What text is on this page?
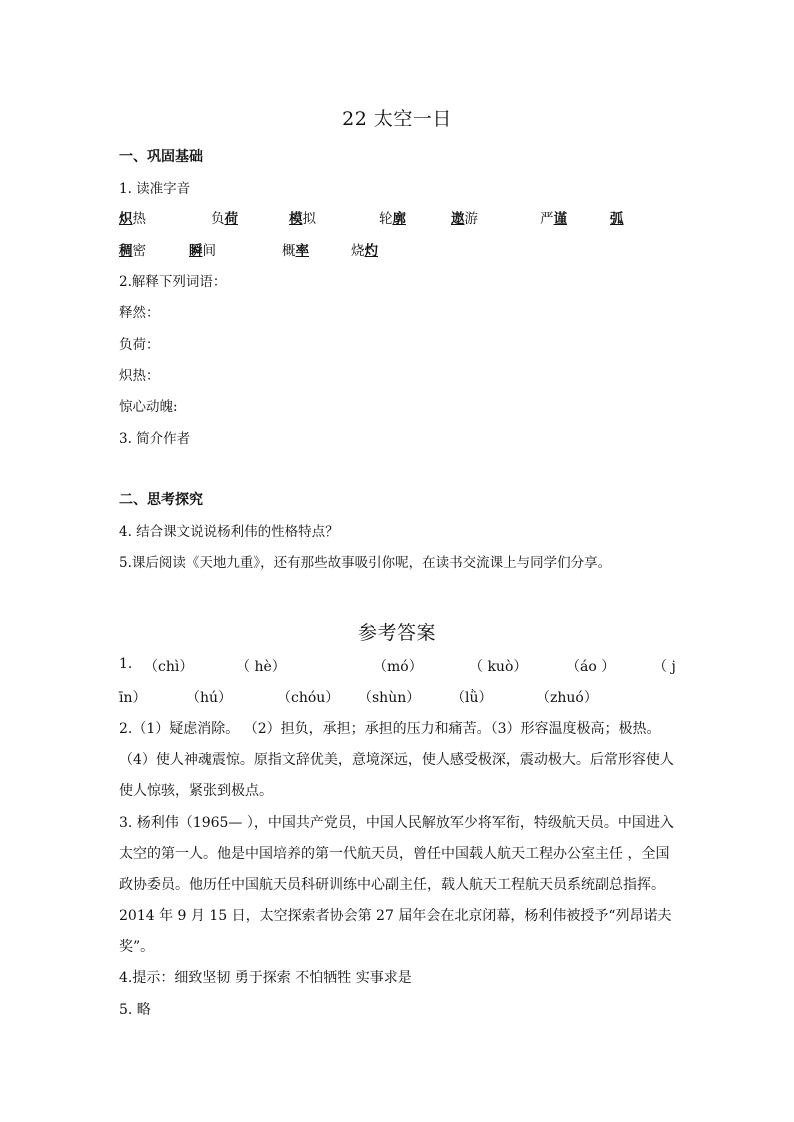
22 太空一日
一、巩固基础
1. 读准字音
炽热	负荷	模拟	轮廓	遨游	严谨	弧
稠密	瞬间	概率	烧灼
2.解释下列词语：
释然：
负荷：
炽热：
惊心动魄:
3. 简介作者
二、思考探究
4. 结合课文说说杨利伟的性格特点？
5.课后阅读《天地九重》，还有那些故事吸引你呢，在读书交流课上与同学们分享。
参考答案
1. （chì）	（ hè）	（mó）	（ kuò）	（áo ）	（ j
īn）	（hú）	（chóu） （shùn） （lǜ）	（zhuó）
2.（1）疑虑消除。 （2）担负，承担；承担的压力和痛苦。（3）形容温度极高；极热。
（4）使人神魂震惊。原指文辞优美，意境深远，使人感受极深，震动极大。后常形容使人
使人惊骇，紧张到极点。
3. 杨利伟（1965— ），中国共产党员，中国人民解放军少将军衔，特级航天员。中国进入
太空的第一人。他是中国培养的第一代航天员，曾任中国载人航天工程办公室主任 ，全国
政协委员。他历任中国航天员科研训练中心副主任，载人航天工程航天员系统副总指挥。
2014 年 9 月 15 日，太空探索者协会第 27 届年会在北京闭幕，杨利伟被授予“列昂诺夫
奖”。
4.提示：细致坚韧 勇于探索 不怕牺牲 实事求是
5. 略
